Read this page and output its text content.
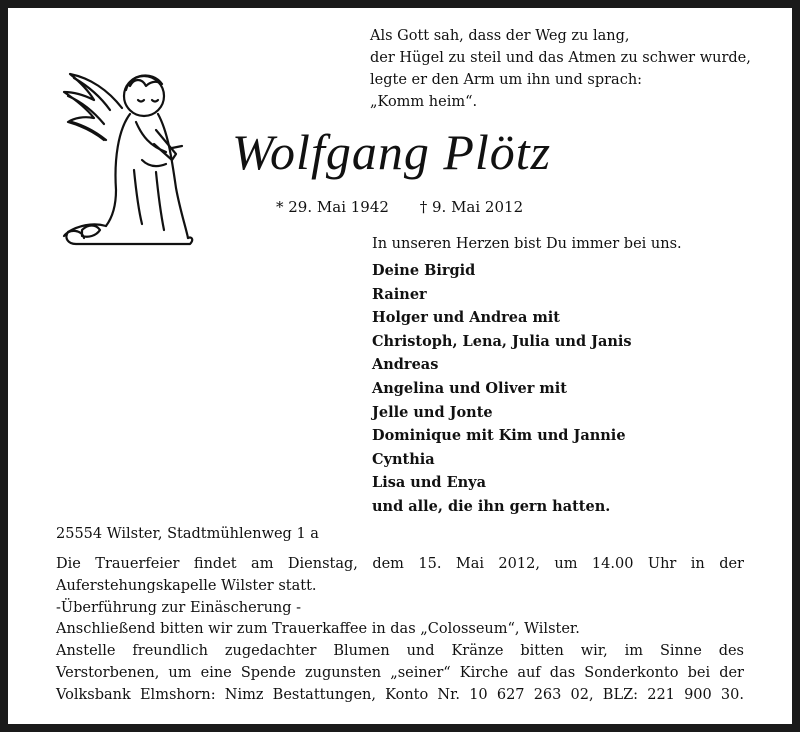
Als Gott sah, dass der Weg zu lang,
der Hügel zu steil und das Atmen zu schwer wurde,
legte er den Arm um ihn und sprach:
„Komm heim“.
Wolfgang Plötz
* 29. Mai 1942 † 9. Mai 2012
In unseren Herzen bist Du immer bei uns.
Deine Birgid
Rainer
Holger und Andrea mit
Christoph, Lena, Julia und Janis
Andreas
Angelina und Oliver mit
Jelle und Jonte
Dominique mit Kim und Jannie
Cynthia
Lisa und Enya
und alle, die ihn gern hatten.
25554 Wilster, Stadtmühlenweg 1 a
Die Trauerfeier findet am Dienstag, dem 15. Mai 2012, um 14.00 Uhr in der
Auferstehungskapelle Wilster statt.
-Überführung zur Einäscherung -
Anschließend bitten wir zum Trauerkaffee in das „Colosseum“, Wilster.
Anstelle freundlich zugedachter Blumen und Kränze bitten wir, im Sinne des
Verstorbenen, um eine Spende zugunsten „seiner“ Kirche auf das Sonderkonto bei der
Volksbank Elmshorn: Nimz Bestattungen, Konto Nr. 10 627 263 02, BLZ: 221 900 30.
